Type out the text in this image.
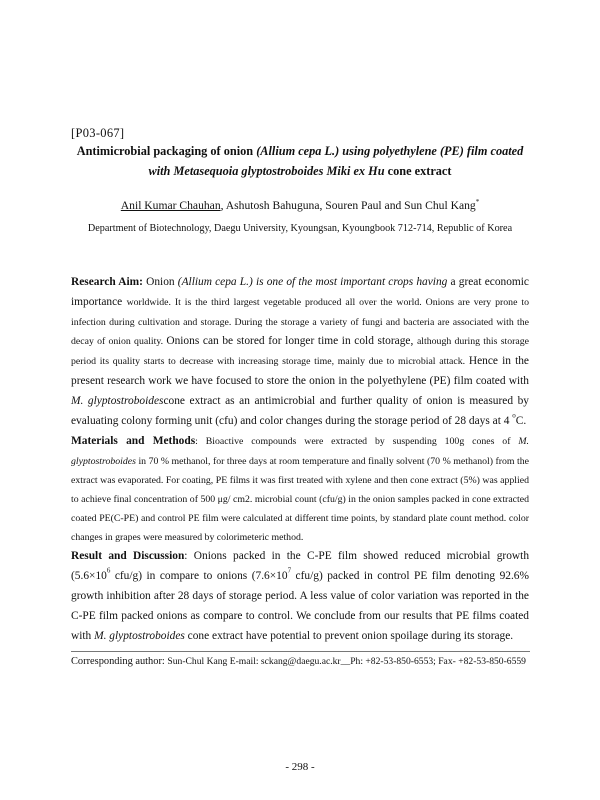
[P03-067]
Antimicrobial packaging of onion (Allium cepa L.) using polyethylene (PE) film coated
with Metasequoia glyptostroboides Miki ex Hu cone extract
Anil Kumar Chauhan, Ashutosh Bahuguna, Souren Paul and Sun Chul Kang*
Department of Biotechnology, Daegu University, Kyoungsan, Kyoungbook 712-714, Republic of Korea

Research Aim: Onion (Allium cepa L.) is one of the most important crops having a great economic importance worldwide. It is the third largest vegetable produced all over the world. Onions are very prone to infection during cultivation and storage. During the storage a variety of fungi and bacteria are associated with the decay of onion quality. Onions can be stored for longer time in cold storage, although during this storage period its quality starts to decrease with increasing storage time, mainly due to microbial attack. Hence in the present research work we have focused to store the onion in the polyethylene (PE) film coated with M. glyptostroboidescone extract as an antimicrobial and further quality of onion is measured by evaluating colony forming unit (cfu) and color changes during the storage period of 28 days at 4 $^o$C.

Materials and Methods: Bioactive compounds were extracted by suspending 100g cones of M. glyptostroboides in 70 % methanol, for three days at room temperature and finally solvent (70 % methanol) from the extract was evaporated. For coating, PE films it was first treated with xylene and then cone extract (5%) was applied to achieve final concentration of 500 μg/ cm2. microbial count (cfu/g) in the onion samples packed in cone extracted coated PE(C-PE) and control PE film were calculated at different time points, by standard plate count method. color changes in grapes were measured by colorimeteric method.

Result and Discussion: Onions packed in the C-PE film showed reduced microbial growth ($5.6\times 10^6$ cfu/g) in compare to onions ($7.6\times 10^7$ cfu/g) packed in control PE film denoting 92.6% growth inhibition after 28 days of storage period. A less value of color variation was reported in the C-PE film packed onions as compare to control. We conclude from our results that PE films coated with M. glyptostroboides cone extract have potential to prevent onion spoilage during its storage.

Corresponding author: Sun-Chul Kang E-mail: sckang@daegu.ac.kr__Ph: +82-53-850-6553; Fax- +82-53-850-6559
- 298 -
